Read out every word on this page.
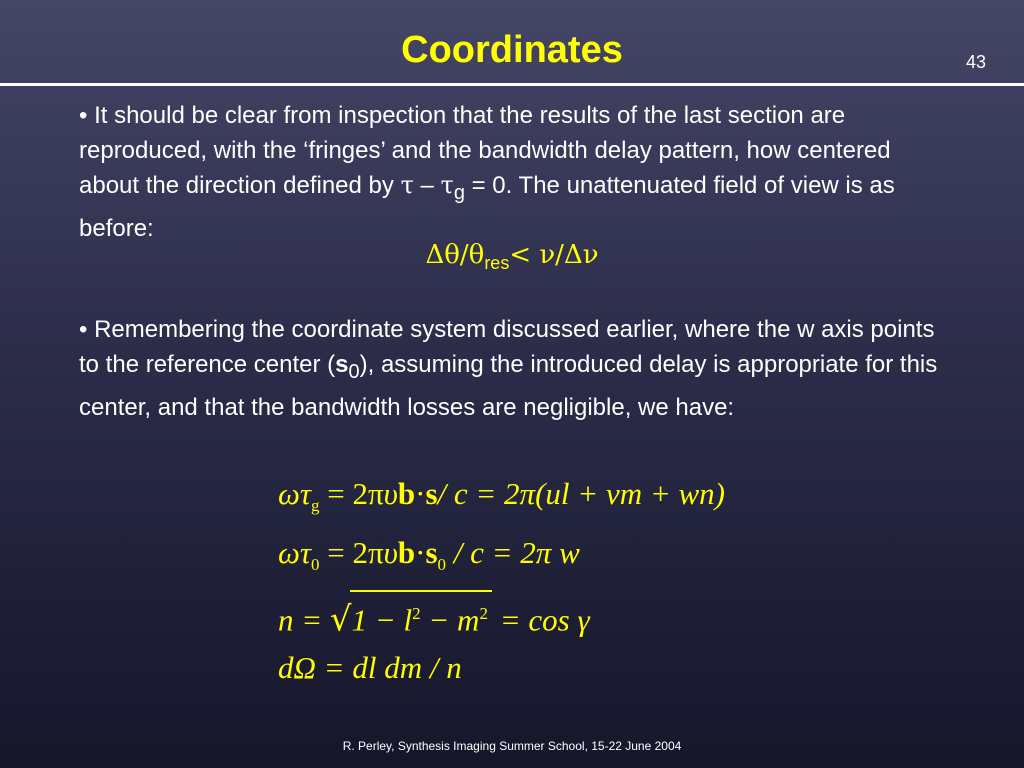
Coordinates	43
• It should be clear from inspection that the results of the last section are reproduced, with the ‘fringes’ and the bandwidth delay pattern, how centered about the direction defined by $\tau - \tau_g = 0$. The unattenuated field of view is as before:
$\Delta\theta/\theta_{res}< \nu/\Delta\nu$
• Remembering the coordinate system discussed earlier, where the w axis points to the reference center $(s_0)$, assuming the introduced delay is appropriate for this center, and that the bandwidth losses are negligible, we have:
$\omega\tau_g = 2\pi\upsilon b\cdot s/$ c = 2π(ul + vm + wn)
$\omega\tau_0 = 2\pi\upsilon b\cdot s_0 / c = 2\pi$ w
$n = √1 - l^2 - m^2 = \cos \gamma$
dΩ = dl dm / n
R. Perley, Synthesis Imaging Summer School, 15-22 June 2004
